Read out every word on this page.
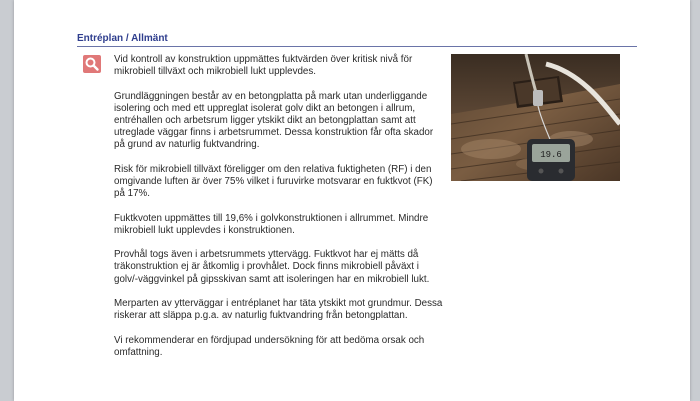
Entréplan / Allmänt

Vid kontroll av konstruktion uppmättes fuktvärden över kritisk nivå för mikrobiell tillväxt och mikrobiell lukt upplevdes.

Grundläggningen består av en betongplatta på mark utan underliggande isolering och med ett uppreglat isolerat golv dikt an betongen i allrum, entréhallen och arbetsrum ligger ytskikt dikt an betongplattan samt att utreglade väggar finns i arbetsrummet. Dessa konstruktion får ofta skador på grund av naturlig fuktvandring.

Risk för mikrobiell tillväxt föreligger om den relativa fuktigheten (RF) i den omgivande luften är över 75% vilket i furuvirke motsvarar en fuktkvot (FK) på 17%.

Fuktkvoten uppmättes till 19,6% i golvkonstruktionen i allrummet. Mindre mikrobiell lukt upplevdes i konstruktionen.

Provhål togs även i arbetsrummets yttervägg. Fuktkvot har ej mätts då träkonstruktion ej är åtkomlig i provhålet. Dock finns mikrobiell påväxt i golv/-väggvinkel på gipsskivan samt att isoleringen har en mikrobiell lukt.

Merparten av ytterväggar i entréplanet har täta ytskikt mot grundmur. Dessa riskerar att släppa p.g.a. av naturlig fuktvandring från betongplattan.

Vi rekommenderar en fördjupad undersökning för att bedöma orsak och omfattning.

19.6
